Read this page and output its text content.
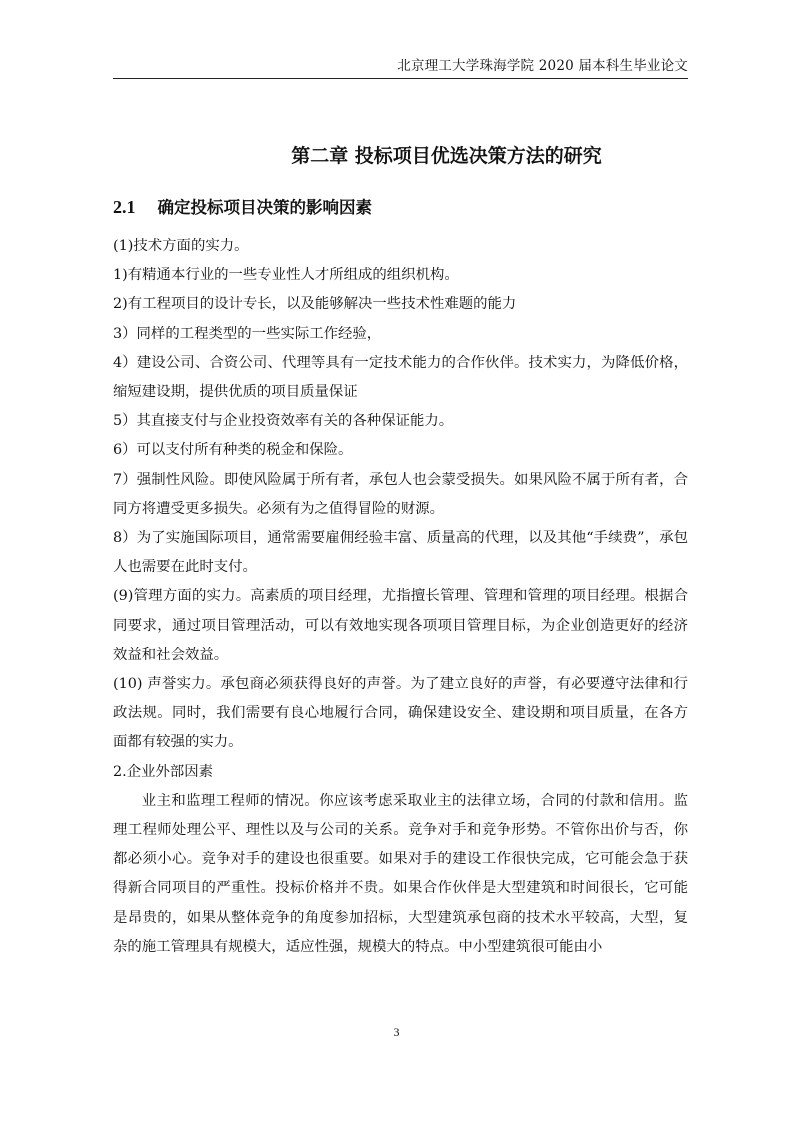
北京理工大学珠海学院 2020 届本科生毕业论文
第二章 投标项目优选决策方法的研究
2.1 确定投标项目决策的影响因素

(1)技术方面的实力。

1)有精通本行业的一些专业性人才所组成的组织机构。

2)有工程项目的设计专长，以及能够解决一些技术性难题的能力

3）同样的工程类型的一些实际工作经验，

4）建设公司、合资公司、代理等具有一定技术能力的合作伙伴。技术实力，为降低价格，缩短建设期，提供优质的项目质量保证

5）其直接支付与企业投资效率有关的各种保证能力。

6）可以支付所有种类的税金和保险。

7）强制性风险。即使风险属于所有者，承包人也会蒙受损失。如果风险不属于所有者，合同方将遭受更多损失。必须有为之值得冒险的财源。

8）为了实施国际项目，通常需要雇佣经验丰富、质量高的代理，以及其他“手续费”，承包人也需要在此时支付。

(9)管理方面的实力。高素质的项目经理，尤指擅长管理、管理和管理的项目经理。根据合同要求，通过项目管理活动，可以有效地实现各项项目管理目标，为企业创造更好的经济效益和社会效益。

(10) 声誉实力。承包商必须获得良好的声誉。为了建立良好的声誉，有必要遵守法律和行政法规。同时，我们需要有良心地履行合同，确保建设安全、建设期和项目质量，在各方面都有较强的实力。

2.企业外部因素

业主和监理工程师的情况。你应该考虑采取业主的法律立场，合同的付款和信用。监理工程师处理公平、理性以及与公司的关系。竞争对手和竞争形势。不管你出价与否，你都必须小心。竞争对手的建设也很重要。如果对手的建设工作很快完成，它可能会急于获得新合同项目的严重性。投标价格并不贵。如果合作伙伴是大型建筑和时间很长，它可能是昂贵的，如果从整体竞争的角度参加招标，大型建筑承包商的技术水平较高，大型，复杂的施工管理具有规模大，适应性强，规模大的特点。中小型建筑很可能由小

3
